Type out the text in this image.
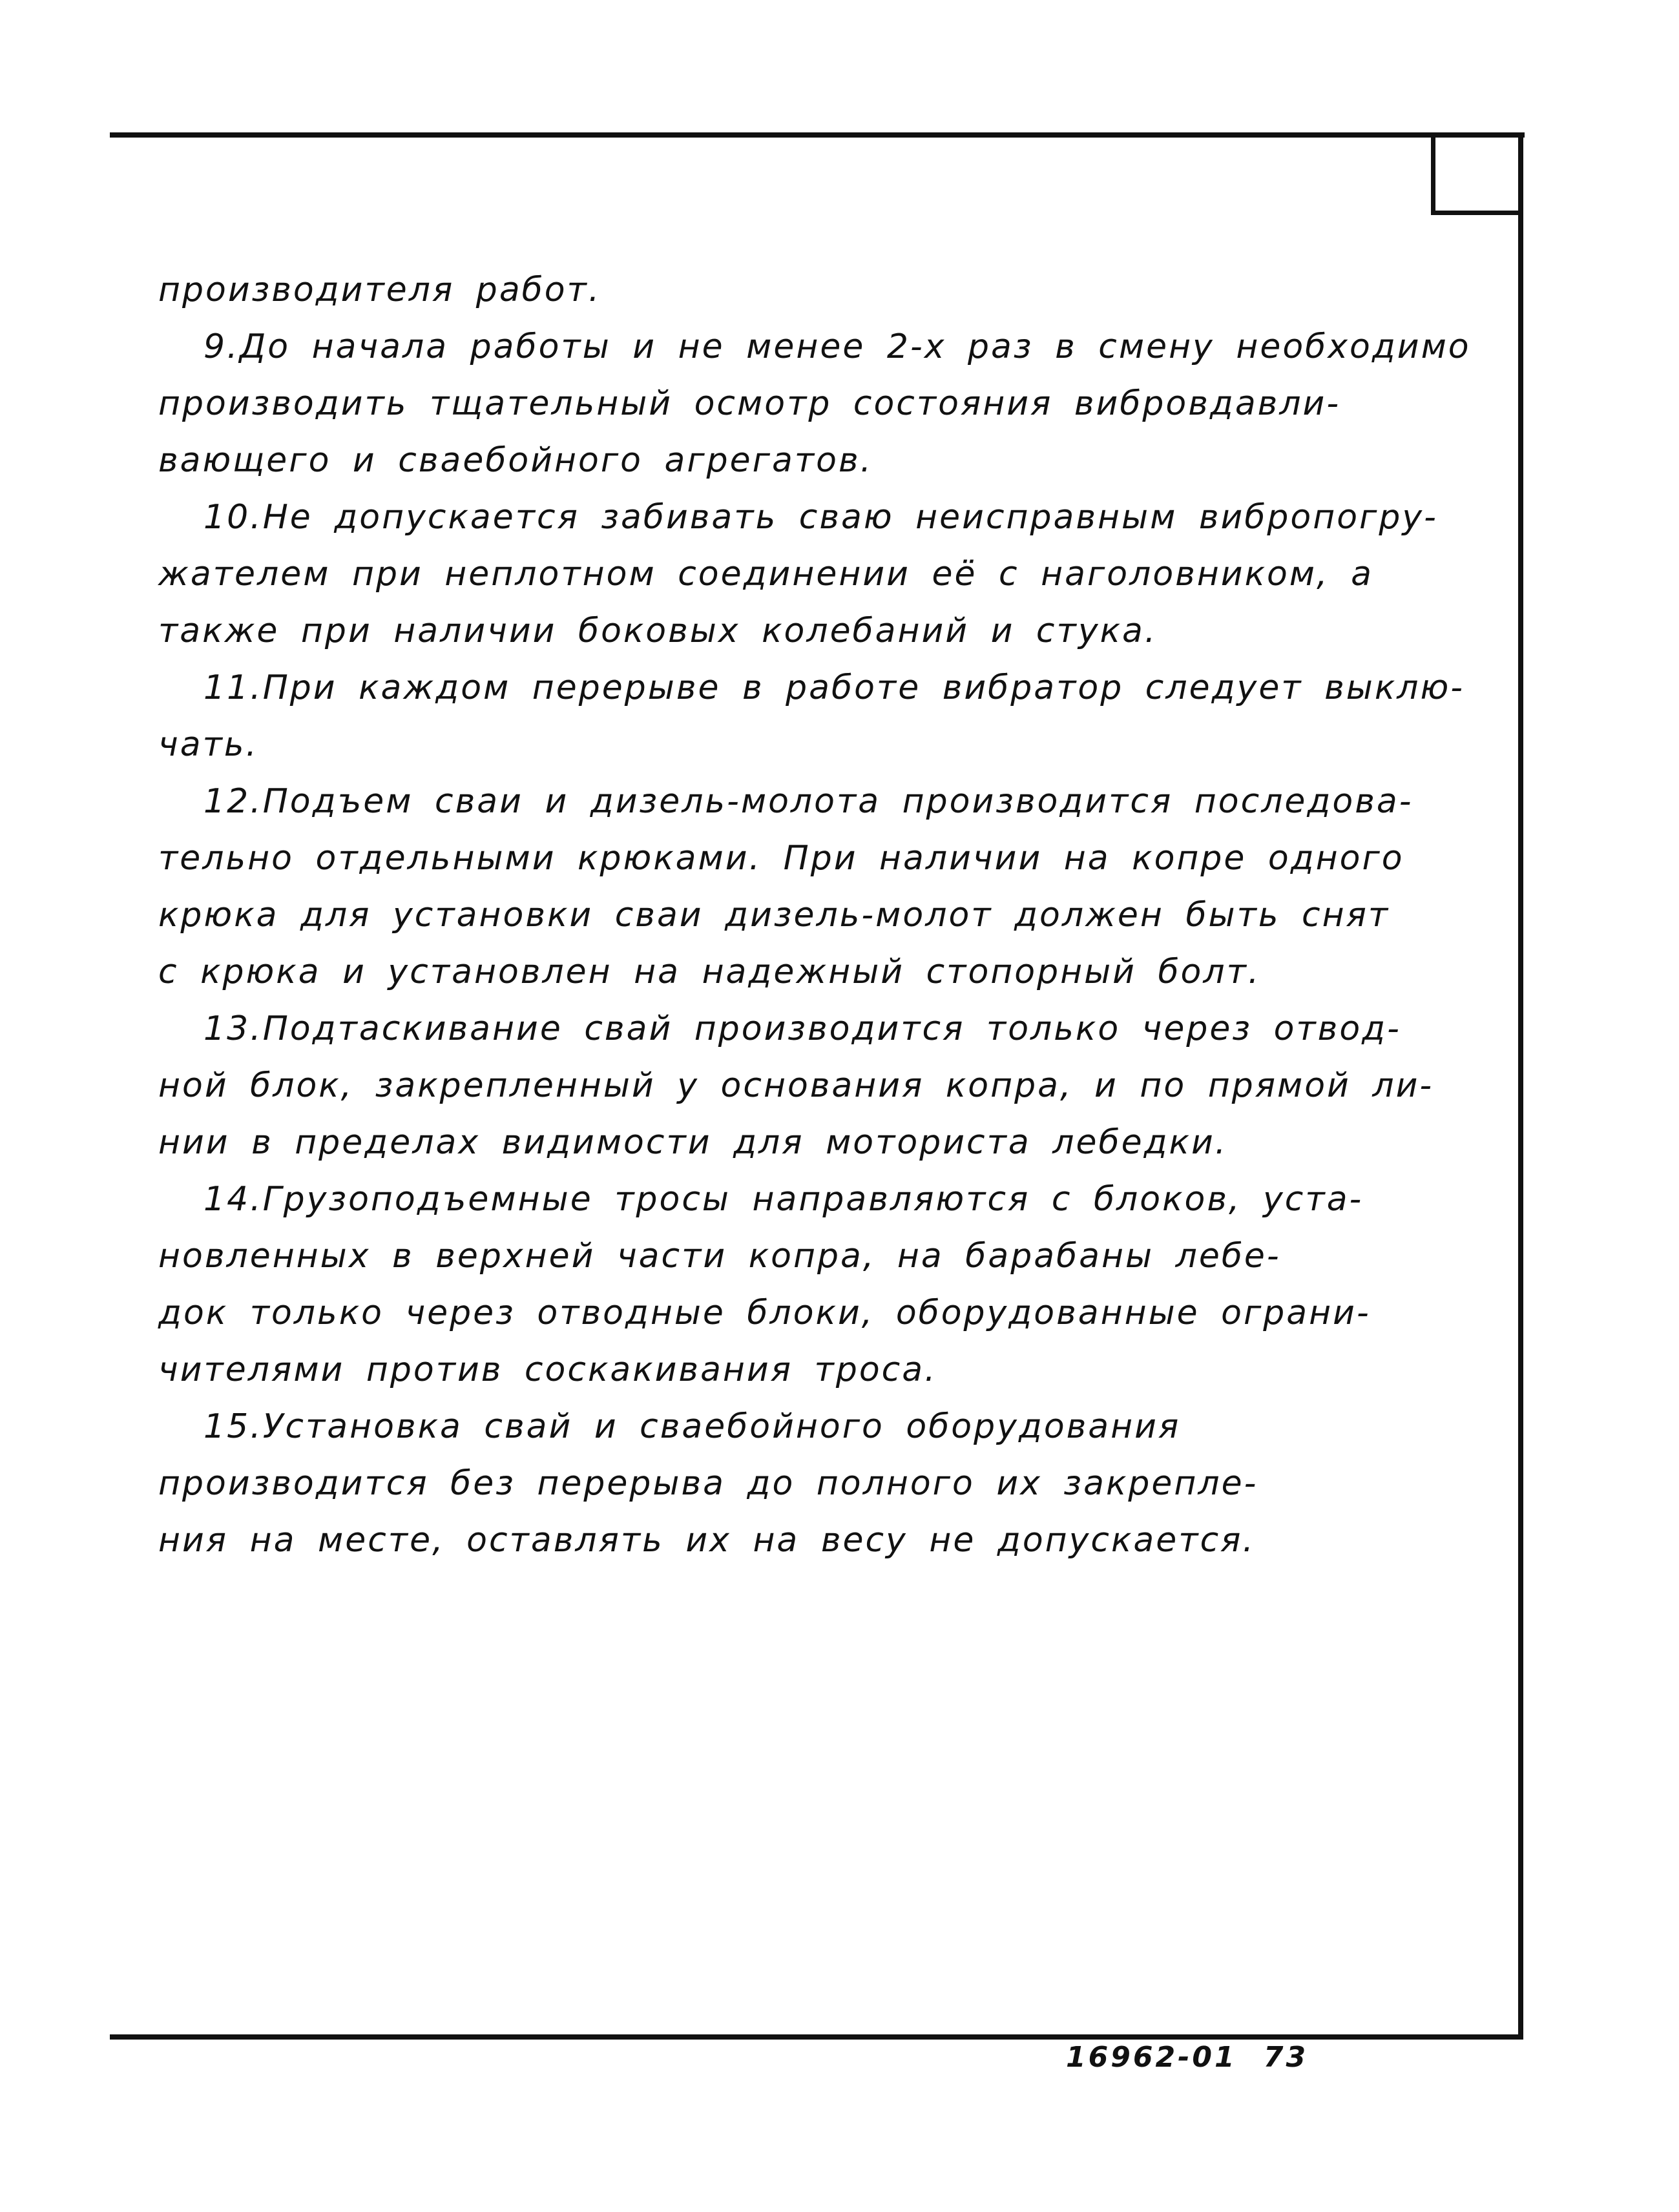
производителя работ.
9.До начала работы и не менее 2-х раз в смену необходимо
производить тщательный осмотр состояния вибровдавли-
вающего и сваебойного агрегатов.
10.Не допускается забивать сваю неисправным вибропогру-
жателем при неплотном соединении её с наголовником, а
также при наличии боковых колебаний и стука.
11.При каждом перерыве в работе вибратор следует выклю-
чать.
12.Подъем сваи и дизель-молота производится последова-
тельно отдельными крюками. При наличии на копре одного
крюка для установки сваи дизель-молот должен быть снят
с крюка и установлен на надежный стопорный болт.
13.Подтаскивание свай производится только через отвод-
ной блок, закрепленный у основания копра, и по прямой ли-
нии в пределах видимости для моториста лебедки.
14.Грузоподъемные тросы направляются с блоков, уста-
новленных в верхней части копра, на барабаны лебе-
док только через отводные блоки, оборудованные ограни-
чителями против соскакивания троса.
15.Установка свай и сваебойного оборудования
производится без перерыва до полного их закрепле-
ния на месте, оставлять их на весу не допускается.
16962-01 73
